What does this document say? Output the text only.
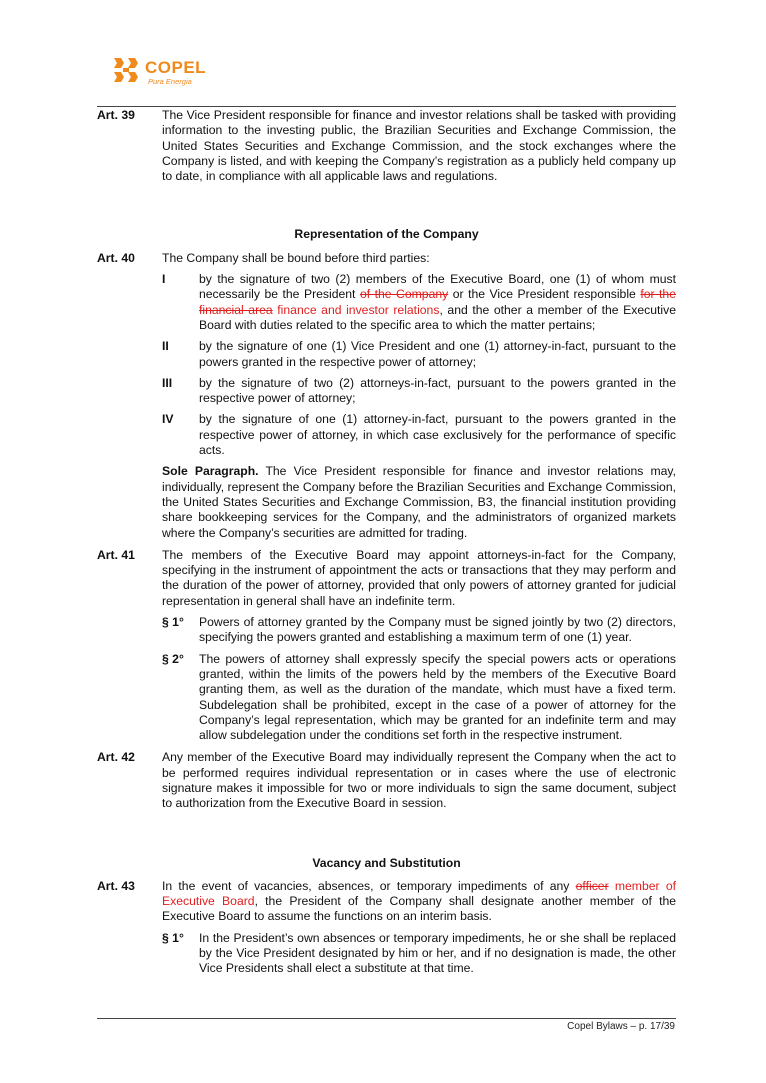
COPEL
Pura Energia
Art. 39	The Vice President responsible for finance and investor relations shall be tasked with providing information to the investing public, the Brazilian Securities and Exchange Commission, the United States Securities and Exchange Commission, and the stock exchanges where the Company is listed, and with keeping the Company’s registration as a publicly held company up to date, in compliance with all applicable laws and regulations.
Representation of the Company
Art. 40	The Company shall be bound before third parties:
I	by the signature of two (2) members of the Executive Board, one (1) of whom must necessarily be the President of the Company or the Vice President responsible for the financial area finance and investor relations, and the other a member of the Executive Board with duties related to the specific area to which the matter pertains;
II	by the signature of one (1) Vice President and one (1) attorney-in-fact, pursuant to the powers granted in the respective power of attorney;
III	by the signature of two (2) attorneys-in-fact, pursuant to the powers granted in the respective power of attorney;
IV	by the signature of one (1) attorney-in-fact, pursuant to the powers granted in the respective power of attorney, in which case exclusively for the performance of specific acts.
Sole Paragraph. The Vice President responsible for finance and investor relations may, individually, represent the Company before the Brazilian Securities and Exchange Commission, the United States Securities and Exchange Commission, B3, the financial institution providing share bookkeeping services for the Company, and the administrators of organized markets where the Company’s securities are admitted for trading.
Art. 41	The members of the Executive Board may appoint attorneys-in-fact for the Company, specifying in the instrument of appointment the acts or transactions that they may perform and the duration of the power of attorney, provided that only powers of attorney granted for judicial representation in general shall have an indefinite term.
§ 1°	Powers of attorney granted by the Company must be signed jointly by two (2) directors, specifying the powers granted and establishing a maximum term of one (1) year.
§ 2°	The powers of attorney shall expressly specify the special powers acts or operations granted, within the limits of the powers held by the members of the Executive Board granting them, as well as the duration of the mandate, which must have a fixed term. Subdelegation shall be prohibited, except in the case of a power of attorney for the Company’s legal representation, which may be granted for an indefinite term and may allow subdelegation under the conditions set forth in the respective instrument.
Art. 42	Any member of the Executive Board may individually represent the Company when the act to be performed requires individual representation or in cases where the use of electronic signature makes it impossible for two or more individuals to sign the same document, subject to authorization from the Executive Board in session.
Vacancy and Substitution
Art. 43	In the event of vacancies, absences, or temporary impediments of any officer member of Executive Board, the President of the Company shall designate another member of the Executive Board to assume the functions on an interim basis.
§ 1°	In the President’s own absences or temporary impediments, he or she shall be replaced by the Vice President designated by him or her, and if no designation is made, the other Vice Presidents shall elect a substitute at that time.
Copel Bylaws – p. 17/39
